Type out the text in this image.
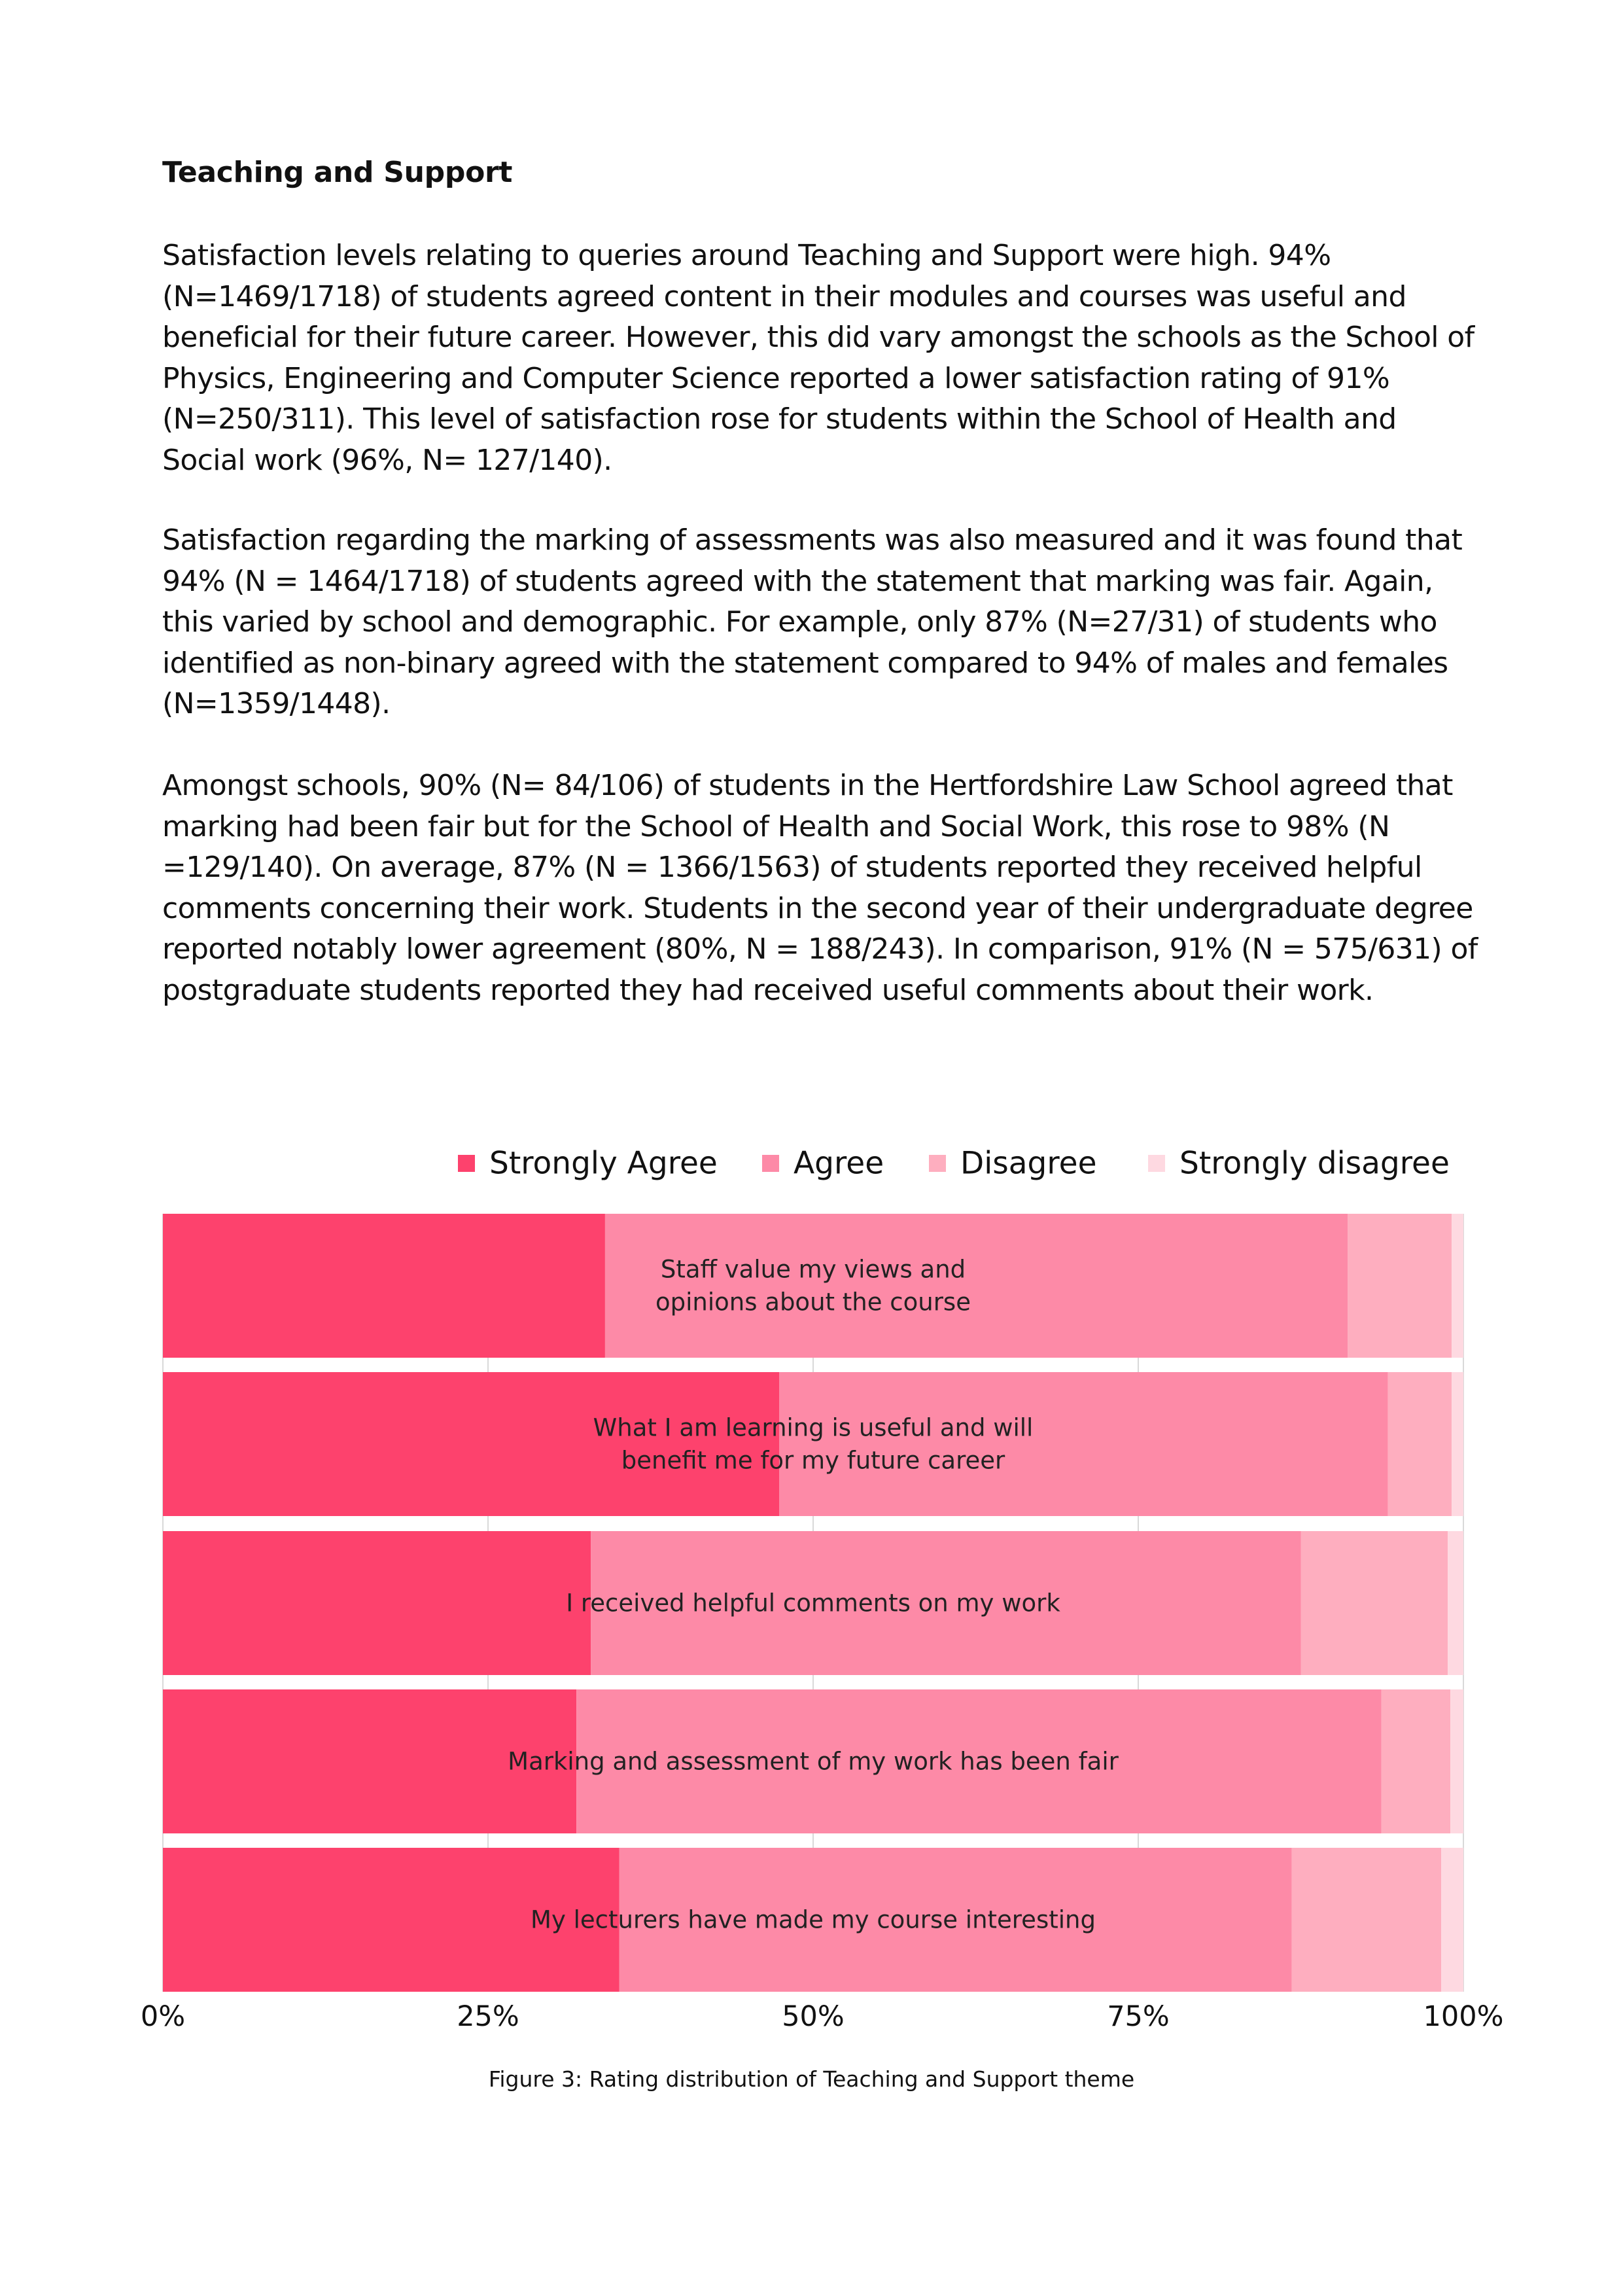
Teaching and Support

Satisfaction levels relating to queries around Teaching and Support were high. 94% (N=1469/1718) of students agreed content in their modules and courses was useful and beneficial for their future career. However, this did vary amongst the schools as the School of Physics, Engineering and Computer Science reported a lower satisfaction rating of 91% (N=250/311). This level of satisfaction rose for students within the School of Health and Social work (96%, N= 127/140).

Satisfaction regarding the marking of assessments was also measured and it was found that 94% (N = 1464/1718) of students agreed with the statement that marking was fair. Again, this varied by school and demographic. For example, only 87% (N=27/31) of students who identified as non-binary agreed with the statement compared to 94% of males and females (N=1359/1448).

Amongst schools, 90% (N= 84/106) of students in the Hertfordshire Law School agreed that marking had been fair but for the School of Health and Social Work, this rose to 98% (N =129/140). On average, 87% (N = 1366/1563) of students reported they received helpful comments concerning their work. Students in the second year of their undergraduate degree reported notably lower agreement (80%, N = 188/243). In comparison, 91% (N = 575/631) of postgraduate students reported they had received useful comments about their work.

Staff value my views and
opinions about the course
What I am learning is useful and will
benefit me for my future career
I received helpful comments on my work
Marking and assessment of my work has been fair
My lecturers have made my course interesting
0%	25%	50%	75%	100%
Strongly Agree Agree Disagree	Strongly disagree

Figure 3: Rating distribution of Teaching and Support theme
